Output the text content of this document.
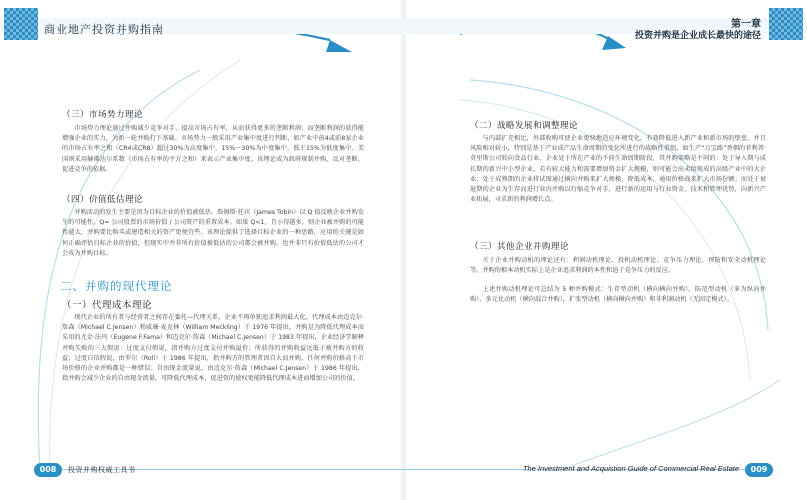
商业地产投资并购指南	第一章
投资并购是企业成长最快的途径
（三）市场势力理论

市场势力理论通过并购减少竞争对手，提高市场占有率，从而获得更多的垄断利润；而垄断利润的获得能增强企业的实力，为新一轮并购打下基础。市场势力一般采用产业集中度进行判断，如产业中前4或前8家企业的市场占有率之和（CR4或CR8）超过30%为高度集中，15%～30%为中度集中，低于15%为低度集中。美国则采用赫佛达尔系数（市场占有率的平方之和）来表示产业集中度。该理论成为政府规制并购、反对垄断、促进竞争的依据。

（四）价值低估理论

并购活动的发生主要是因为目标企业的价值被低估。詹姆斯·托宾（James Tobin）以 Q 值反映企业并购发生的可能性，Q= 公司股票的市场价值 / 公司资产的重置成本。如果 Q<1，且小得越多，则企业被并购的可能性越大，并购要比购买或建造相关的资产更便宜些。该理论提供了选择目标企业的一种思路，应用的关键是如何正确评估目标企业的价值，但现实中并非所有价值被低估的公司都会被并购，也并非只有价值低估的公司才会成为并购目标。

二、并购的现代理论
（一）代理成本理论

现代企业的所有者与经营者之间存在委托—代理关系，企业不再单独追求利润最大化。代理成本由迈克尔·詹森（Michael C.Jensen）和威廉·麦克林（William Meckling）于 1976 年提出，并购是为降低代理成本而采用的尤金·法玛（Eugene F.Fama）和迈克尔·詹森（Michael C.Jensen）于 1983 年提出，企业经济学解释并购失败的三大假说：过度支付假说，指并购方过度支付并购溢价；所获得的并购收益远低于被并购方的收益；过度自信假说，由罗尔（Roll）于 1986 年提出，指并购方的管理者因自大而并购，任何并购价格高于市场价格的企业并购都是一种错误；自由现金流量说，由迈克尔·詹森（Michael C.Jensen）于 1986 年提出，指并购会减少企业的自由现金流量，可降低代理成本，促进资的使权更能降低代理成本进而增加公司的价值。

（二）战略发展和调整理论

与内部扩充相比，外部收购可使企业更快地适应环境变化，有效降低进入新产业和新市场的壁垒，并且风险相对较小，特别是基于产业成产品生命周期的变化所进行的战略性重组，如生产“万宝路”香烟的菲利普·莫里斯公司转向食品行业。企业处于所在产业的不同生命周期阶段，其并购策略是不同的：处于导入期与成长期的新兴中小型企业，若有较大能力和需要增加资金扩大规模，则可能会出卖给现成的高级产业中的大企业；处于成熟期的企业将试图通过横向并购来扩大规模，降低成本，通用价格战来扩大市场份额；而处于衰退期的企业为生存而进行业内并购以行缩竞争对手，进行新的运用与行业资金、技术和管理优势，向新兴产业拓展，寻求新的利润增长点。

（三）其他企业并购理论

关于企业并购动机的理论还有：利润动机理论、投机动机理论、竞争压力理论、预防和安全动机理论等。并购的根本动机实际上是企业追求利润的本性和迫于竞争压力的反应。

上述并购动机理论可总结为 5 种并购模式：生存型动机（横向横向并购），防范型动机（多为纵向并购），多元化动机（横向混合并购），扩张型动机（横向横向并购）和非利润动机（无固定模式）。

008	投资并购权威工具书	The Investment and Acquistion Guide of Commercial Real Estate	009
